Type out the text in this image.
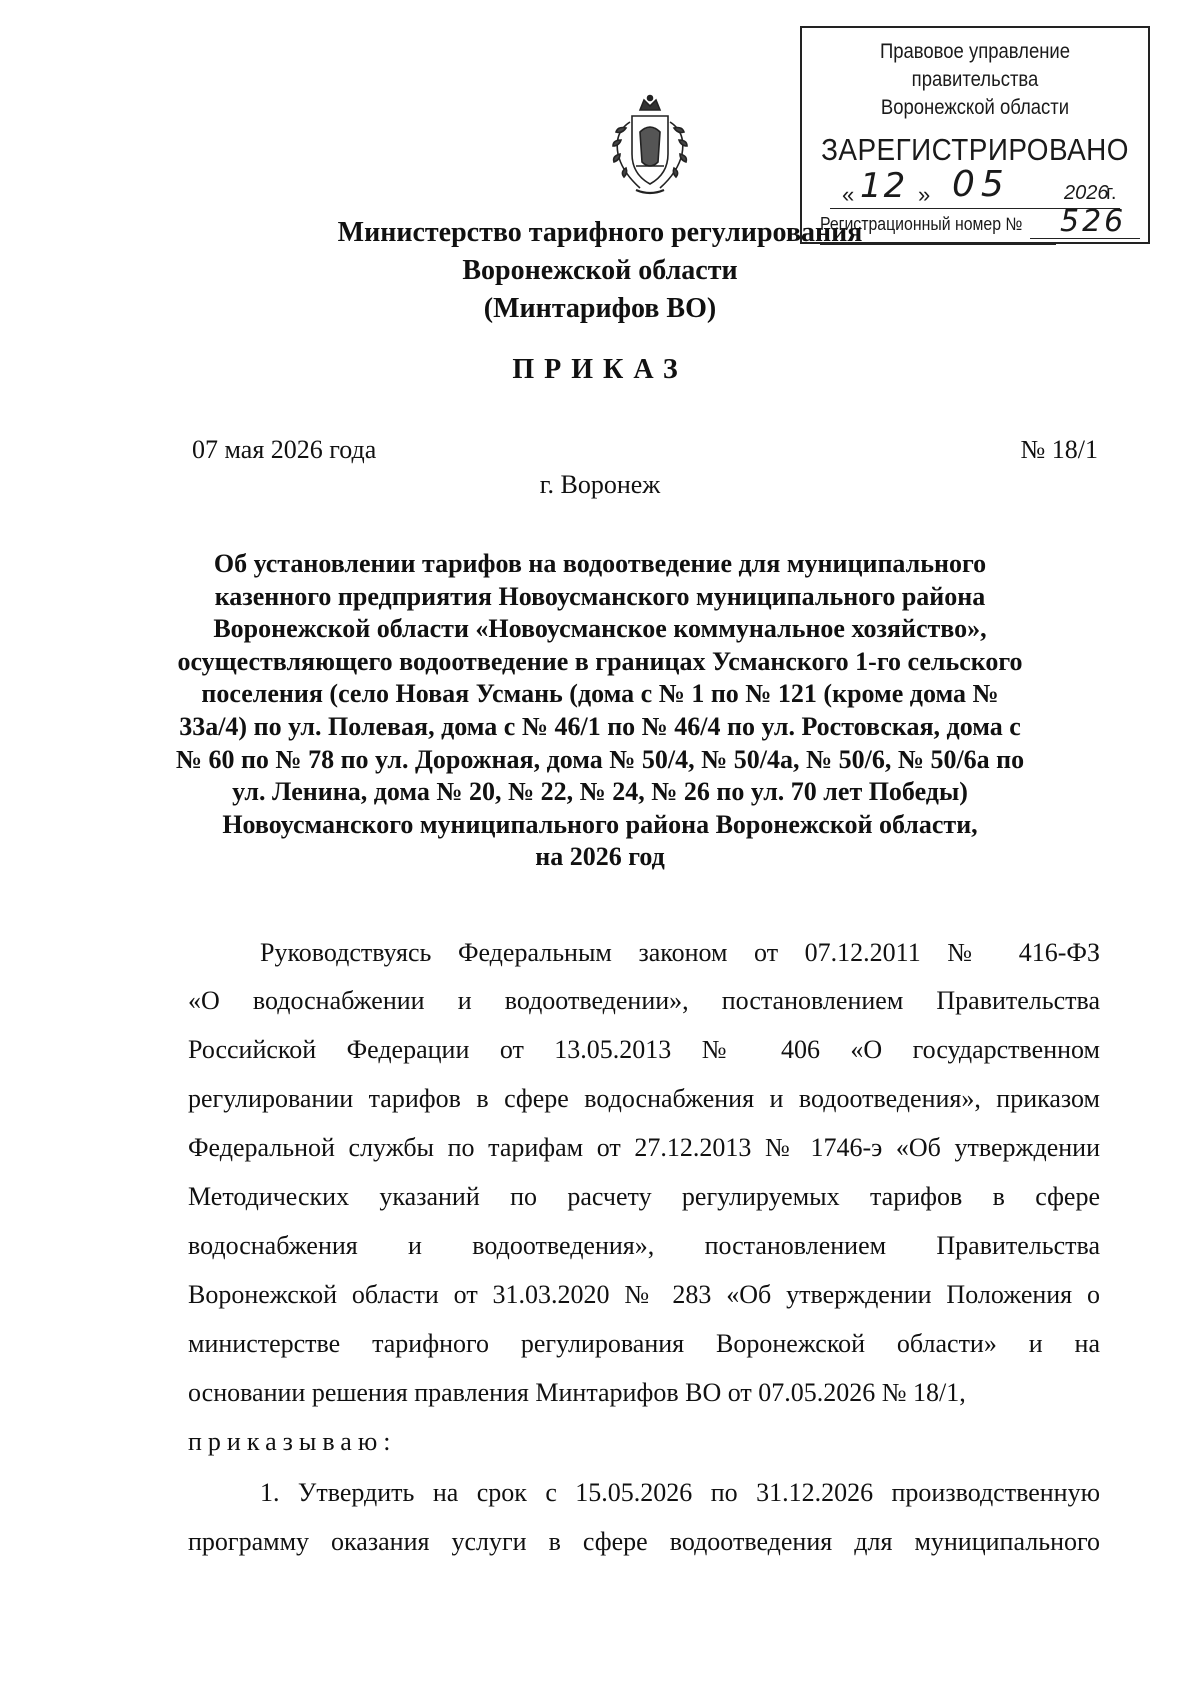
Правовое управление правительства
Воронежской области
ЗАРЕГИСТРИРОВАНО
« 12 » 05	2026
г.
Регистрационный номер № 526
Министерство тарифного регулирования
Воронежской области
(Минтарифов ВО)
ПРИКАЗ
07 мая 2026 года	№ 18/1
г. Воронеж
Об установлении тарифов на водоотведение для муниципального
казенного предприятия Новоусманского муниципального района
Воронежской области «Новоусманское коммунальное хозяйство»,
осуществляющего водоотведение в границах Усманского 1-го сельского
поселения (село Новая Усмань (дома с № 1 по № 121 (кроме дома №
33а/4) по ул. Полевая, дома с № 46/1 по № 46/4 по ул. Ростовская, дома с
№ 60 по № 78 по ул. Дорожная, дома № 50/4, № 50/4а, № 50/6, № 50/6а по
ул. Ленина, дома № 20, № 22, № 24, № 26 по ул. 70 лет Победы)
Новоусманского муниципального района Воронежской области,
на 2026 год
Руководствуясь Федеральным законом от 07.12.2011 № 416-ФЗ
«О водоснабжении и водоотведении», постановлением Правительства
Российской Федерации от 13.05.2013 № 406 «О государственном
регулировании тарифов в сфере водоснабжения и водоотведения», приказом
Федеральной службы по тарифам от 27.12.2013 № 1746-э «Об утверждении
Методических указаний по расчету регулируемых тарифов в сфере
водоснабжения и водоотведения», постановлением Правительства
Воронежской области от 31.03.2020 № 283 «Об утверждении Положения о
министерстве тарифного регулирования Воронежской области» и на
основании решения правления Минтарифов ВО от 07.05.2026 № 18/1,
приказываю:
1. Утвердить на срок с 15.05.2026 по 31.12.2026 производственную
программу оказания услуги в сфере водоотведения для муниципального
